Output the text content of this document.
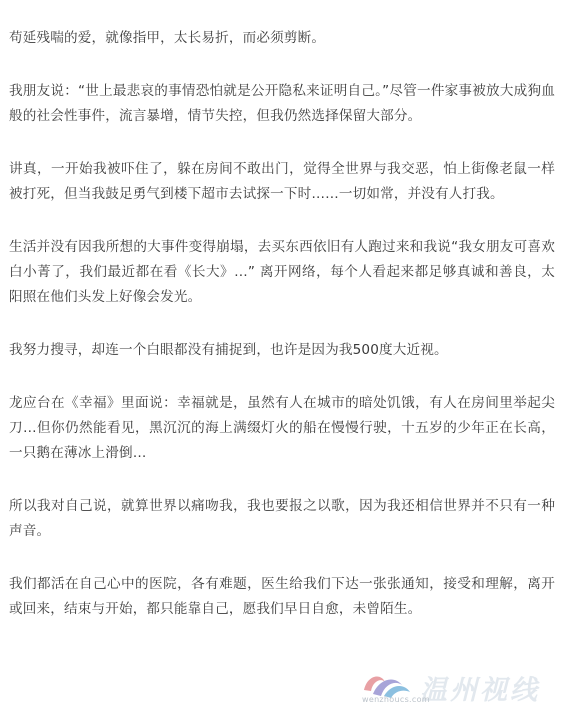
苟延残喘的爱，就像指甲，太长易折，而必须剪断。

我朋友说：“世上最悲哀的事情恐怕就是公开隐私来证明自己。”尽管一件家事被放大成狗血般的社会性事件，流言暴增，情节失控，但我仍然选择保留大部分。

讲真，一开始我被吓住了，躲在房间不敢出门，觉得全世界与我交恶，怕上街像老鼠一样被打死，但当我鼓足勇气到楼下超市去试探一下时……一切如常，并没有人打我。

生活并没有因我所想的大事件变得崩塌，去买东西依旧有人跑过来和我说“我女朋友可喜欢白小菁了，我们最近都在看《长大》…” 离开网络，每个人看起来都足够真诚和善良，太阳照在他们头发上好像会发光。

我努力搜寻，却连一个白眼都没有捕捉到，也许是因为我500度大近视。

龙应台在《幸福》里面说：幸福就是，虽然有人在城市的暗处饥饿，有人在房间里举起尖刀…但你仍然能看见，黑沉沉的海上满缀灯火的船在慢慢行驶，十五岁的少年正在长高，一只鹅在薄冰上滑倒…

所以我对自己说，就算世界以痛吻我，我也要报之以歌，因为我还相信世界并不只有一种声音。

我们都活在自己心中的医院，各有难题，医生给我们下达一张张通知，接受和理解，离开或回来，结束与开始，都只能靠自己，愿我们早日自愈，未曾陌生。

温州视线
wenzhoucs.com
